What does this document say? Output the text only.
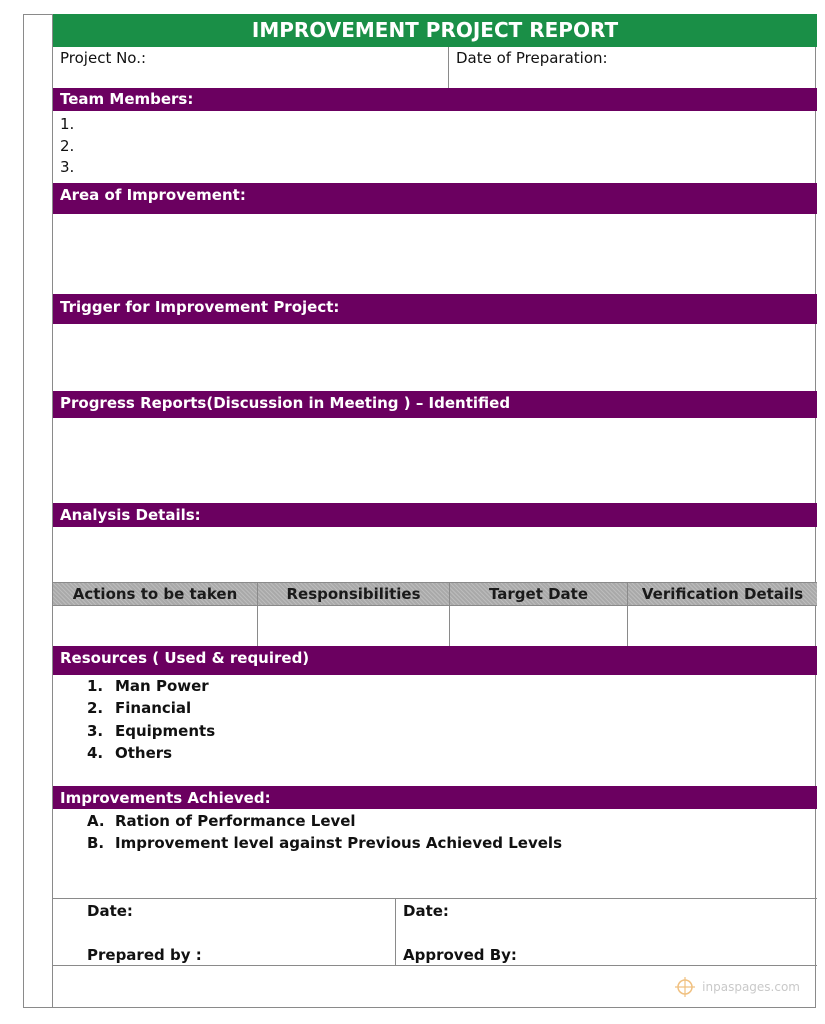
IMPROVEMENT PROJECT REPORT
Project No.:	Date of Preparation:
Team Members:
1.
2.
3.
Area of Improvement:
Trigger for Improvement Project:
Progress Reports(Discussion in Meeting ) – Identified
Analysis Details:
Actions to be taken	Responsibilities	Target Date	Verification Details
Resources ( Used & required)
1. Man Power
2. Financial
3. Equipments
4. Others
Improvements Achieved:
A. Ration of Performance Level
B. Improvement level against Previous Achieved Levels
Date:	Date:
Prepared by :	Approved By:
inpaspages.com
